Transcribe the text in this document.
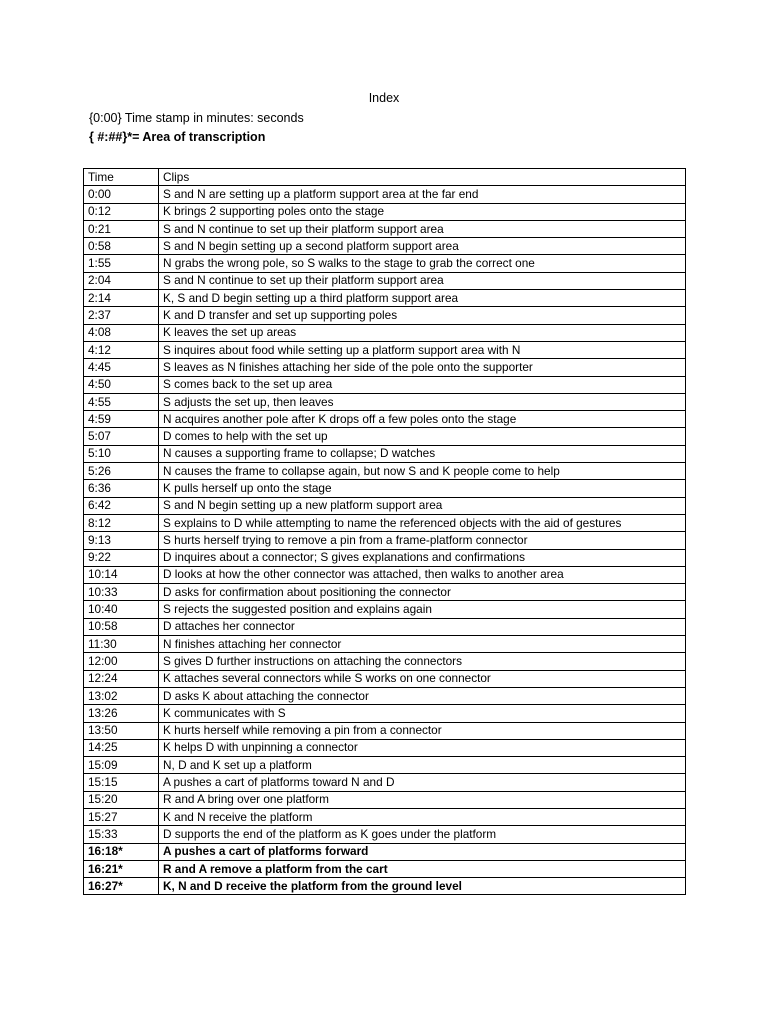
Index
{0:00} Time stamp in minutes: seconds
{ #:##}*= Area of transcription
Time	Clips
0:00	S and N are setting up a platform support area at the far end
0:12	K brings 2 supporting poles onto the stage
0:21	S and N continue to set up their platform support area
0:58	S and N begin setting up a second platform support area
1:55	N grabs the wrong pole, so S walks to the stage to grab the correct one
2:04	S and N continue to set up their platform support area
2:14	K, S and D begin setting up a third platform support area
2:37	K and D transfer and set up supporting poles
4:08	K leaves the set up areas
4:12	S inquires about food while setting up a platform support area with N
4:45	S leaves as N finishes attaching her side of the pole onto the supporter
4:50	S comes back to the set up area
4:55	S adjusts the set up, then leaves
4:59	N acquires another pole after K drops off a few poles onto the stage
5:07	D comes to help with the set up
5:10	N causes a supporting frame to collapse; D watches
5:26	N causes the frame to collapse again, but now S and K people come to help
6:36	K pulls herself up onto the stage
6:42	S and N begin setting up a new platform support area
8:12	S explains to D while attempting to name the referenced objects with the aid of gestures
9:13	S hurts herself trying to remove a pin from a frame-platform connector
9:22	D inquires about a connector; S gives explanations and confirmations
10:14	D looks at how the other connector was attached, then walks to another area
10:33	D asks for confirmation about positioning the connector
10:40	S rejects the suggested position and explains again
10:58	D attaches her connector
11:30	N finishes attaching her connector
12:00	S gives D further instructions on attaching the connectors
12:24	K attaches several connectors while S works on one connector
13:02	D asks K about attaching the connector
13:26	K communicates with S
13:50	K hurts herself while removing a pin from a connector
14:25	K helps D with unpinning a connector
15:09	N, D and K set up a platform
15:15	A pushes a cart of platforms toward N and D
15:20	R and A bring over one platform
15:27	K and N receive the platform
15:33	D supports the end of the platform as K goes under the platform
16:18*	A pushes a cart of platforms forward
16:21*	R and A remove a platform from the cart
16:27*	K, N and D receive the platform from the ground level
